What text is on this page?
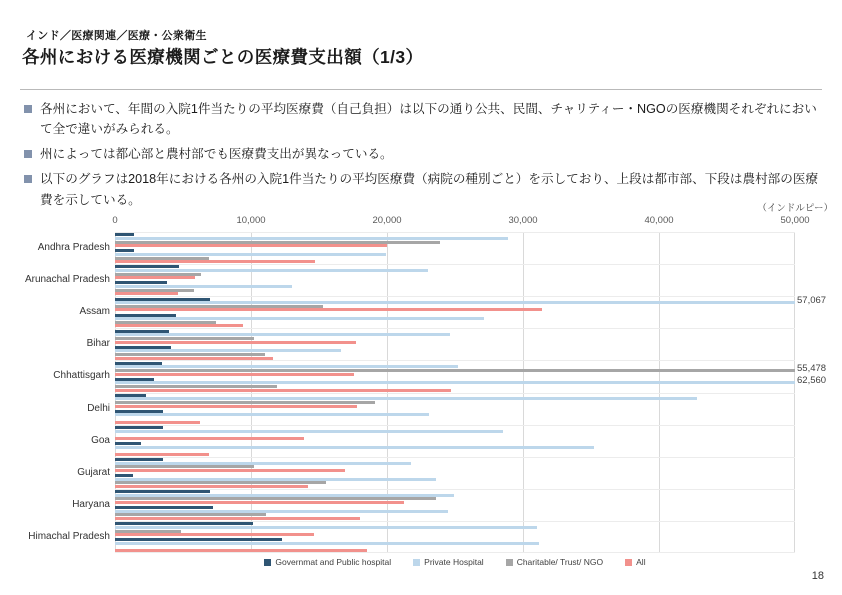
インド／医療関連／医療・公衆衛生
各州における医療機関ごとの医療費支出額（1/3）
各州において、年間の入院1件当たりの平均医療費（自己負担）は以下の通り公共、民間、チャリティー・NGOの医療機関それぞれにおいて全で違いがみられる。
州によっては都心部と農村部でも医療費支出が異なっている。
以下のグラフは2018年における各州の入院1件当たりの平均医療費（病院の種別ごと）を示しており、上段は都市部、下段は農村部の医療費を示している。
（インドルピー）
0	10,000	20,000	30,000	40,000	50,000
Andhra Pradesh
Arunachal Pradesh
Assam
Bihar
Chhattisgarh
Delhi
Goa
Gujarat
Haryana
Himachal Pradesh
57,067
55,478
62,560
Governmat and Public hospital	Private Hospital	Charitable/ Trust/ NGO	All
18
